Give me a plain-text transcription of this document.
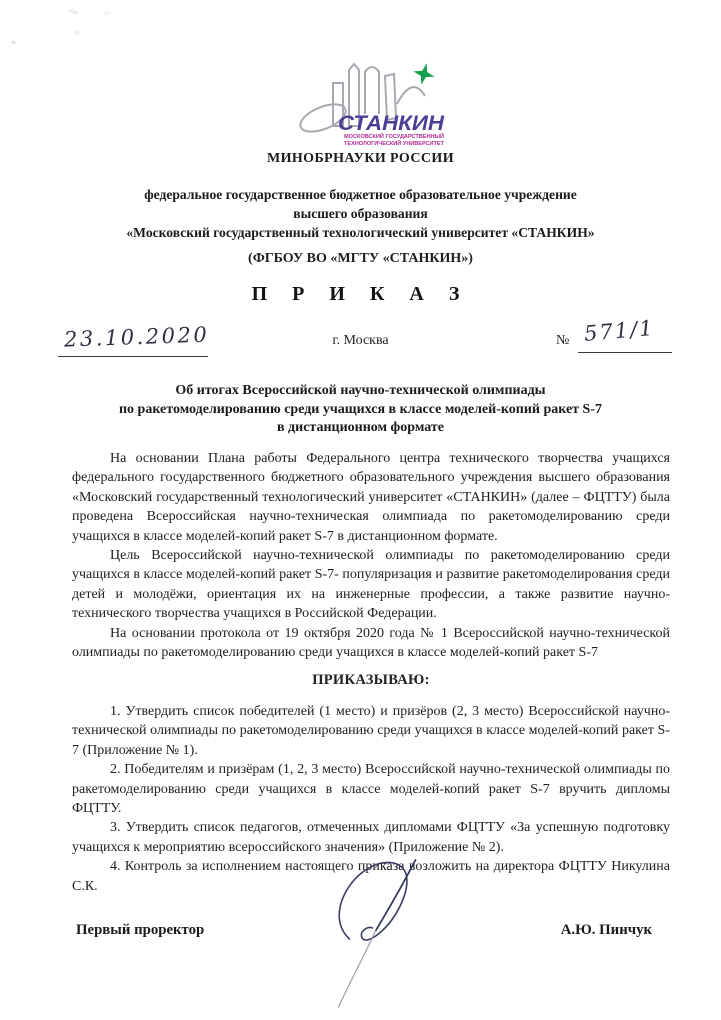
СТАНКИН
МОСКОВСКИЙ ГОСУДАРСТВЕННЫЙ
ТЕХНОЛОГИЧЕСКИЙ УНИВЕРСИТЕТ
МИНОБРНАУКИ РОССИИ
федеральное государственное бюджетное образовательное учреждение
высшего образования
«Московский государственный технологический университет «СТАНКИН»
(ФГБОУ ВО «МГТУ «СТАНКИН»)
П Р И К А З
23.10.2020	г. Москва	№ 571/1
Об итогах Всероссийской научно-технической олимпиады
по ракетомоделированию среди учащихся в классе моделей-копий ракет S-7
в дистанционном формате

На основании Плана работы Федерального центра технического творчества учащихся федерального государственного бюджетного образовательного учреждения высшего образования «Московский государственный технологический университет «СТАНКИН» (далее – ФЦТТУ) была проведена Всероссийская научно-техническая олимпиада по ракетомоделированию среди учащихся в классе моделей-копий ракет S-7 в дистанционном формате.

Цель Всероссийской научно-технической олимпиады по ракетомоделированию среди учащихся в классе моделей-копий ракет S-7- популяризация и развитие ракетомоделирования среди детей и молодёжи, ориентация их на инженерные профессии, а также развитие научно-технического творчества учащихся в Российской Федерации.

На основании протокола от 19 октября 2020 года № 1 Всероссийской научно-технической олимпиады по ракетомоделированию среди учащихся в классе моделей-копий ракет S-7

ПРИКАЗЫВАЮ:

1. Утвердить список победителей (1 место) и призёров (2, 3 место) Всероссийской научно-технической олимпиады по ракетомоделированию среди учащихся в классе моделей-копий ракет S-7 (Приложение № 1).

2. Победителям и призёрам (1, 2, 3 место) Всероссийской научно-технической олимпиады по ракетомоделированию среди учащихся в классе моделей-копий ракет S-7 вручить дипломы ФЦТТУ.

3. Утвердить список педагогов, отмеченных дипломами ФЦТТУ «За успешную подготовку учащихся к мероприятию всероссийского значения» (Приложение № 2).

4. Контроль за исполнением настоящего приказа возложить на директора ФЦТТУ Никулина С.К.

Первый проректор	А.Ю. Пинчук
